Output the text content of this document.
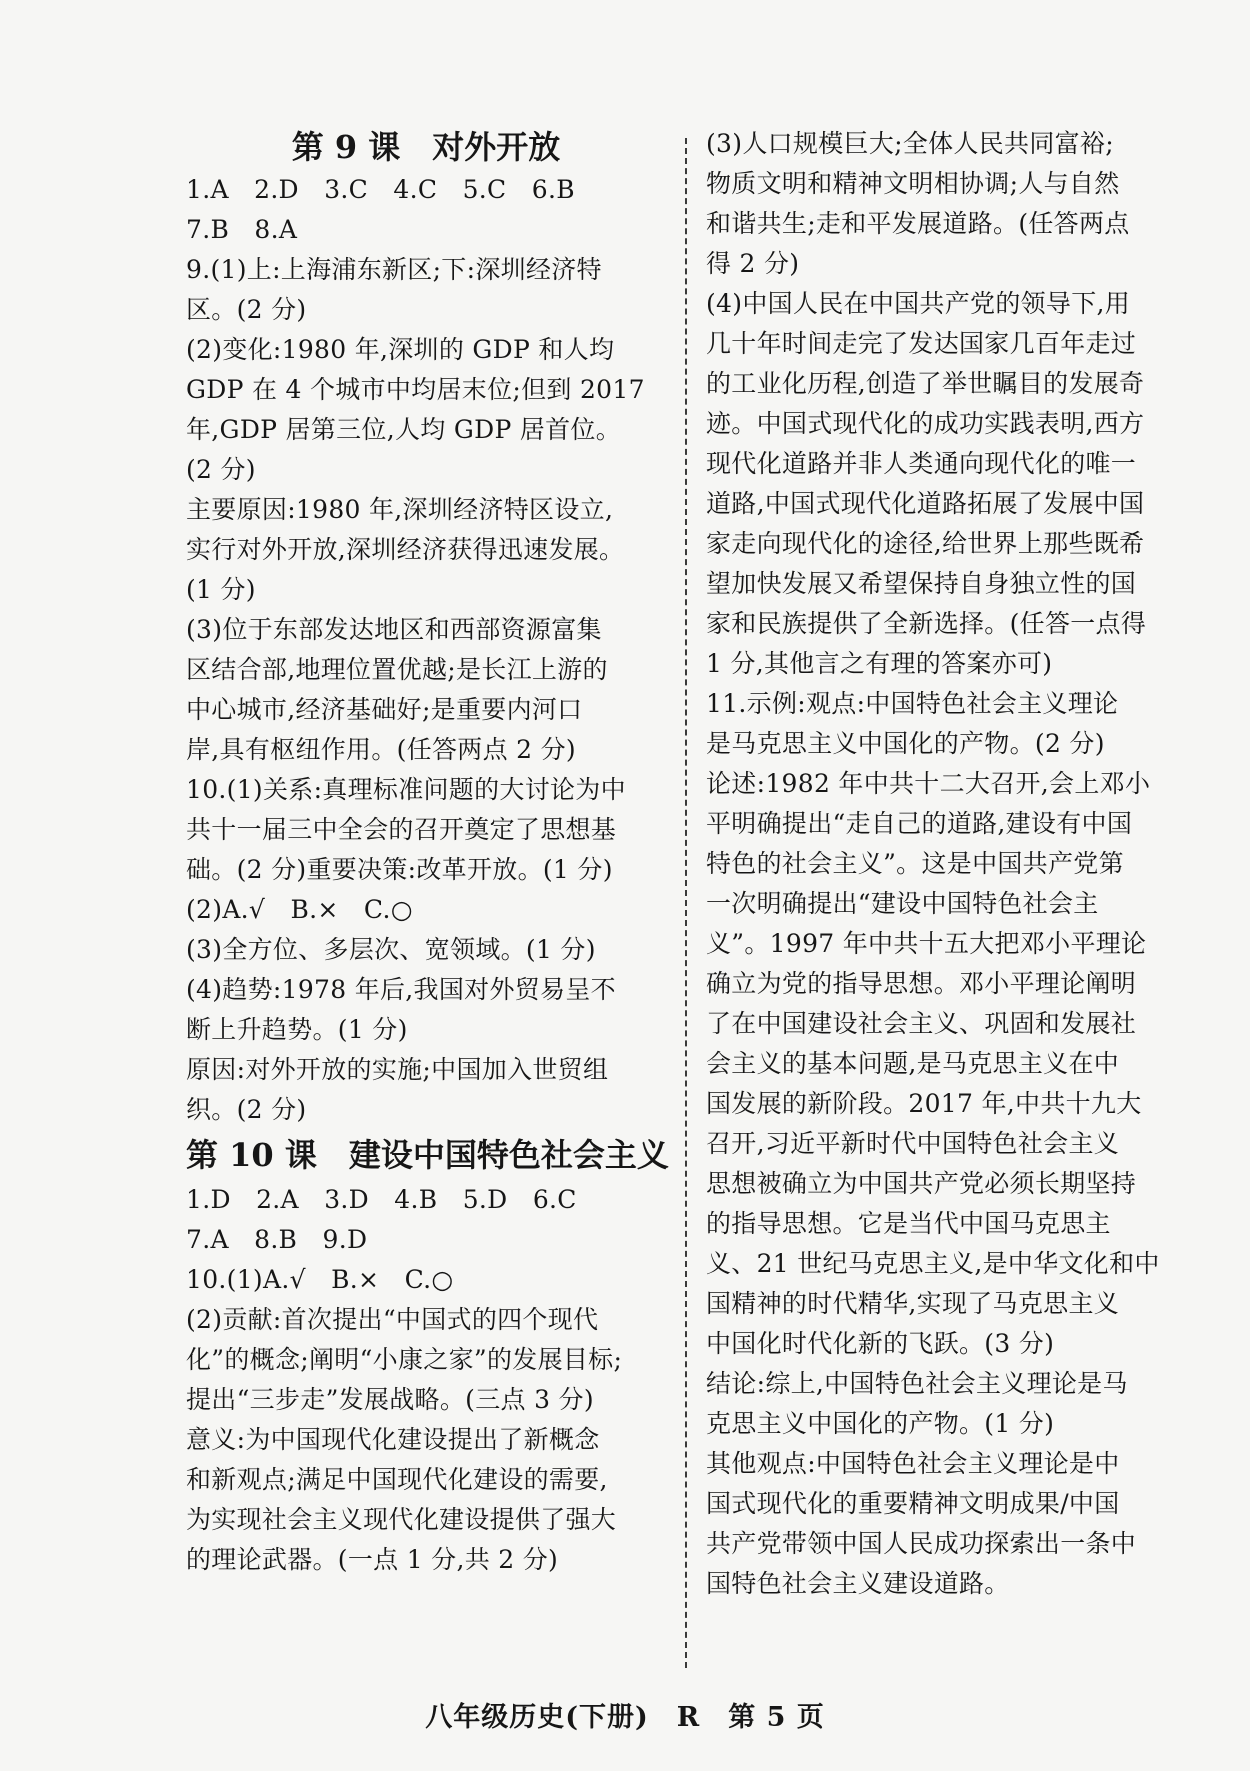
第 9 课　对外开放
1.A　2.D　3.C　4.C　5.C　6.B
7.B　8.A
9.(1)上:上海浦东新区;下:深圳经济特
区。(2 分)
(2)变化:1980 年,深圳的 GDP 和人均
GDP 在 4 个城市中均居末位;但到 2017
年,GDP 居第三位,人均 GDP 居首位。
(2 分)
主要原因:1980 年,深圳经济特区设立,
实行对外开放,深圳经济获得迅速发展。
(1 分)
(3)位于东部发达地区和西部资源富集
区结合部,地理位置优越;是长江上游的
中心城市,经济基础好;是重要内河口
岸,具有枢纽作用。(任答两点 2 分)
10.(1)关系:真理标准问题的大讨论为中
共十一届三中全会的召开奠定了思想基
础。(2 分)重要决策:改革开放。(1 分)
(2)A.√　B.×　C.○
(3)全方位、多层次、宽领域。(1 分)
(4)趋势:1978 年后,我国对外贸易呈不
断上升趋势。(1 分)
原因:对外开放的实施;中国加入世贸组
织。(2 分)
第 10 课　建设中国特色社会主义
1.D　2.A　3.D　4.B　5.D　6.C
7.A　8.B　9.D
10.(1)A.√　B.×　C.○
(2)贡献:首次提出“中国式的四个现代
化”的概念;阐明“小康之家”的发展目标;
提出“三步走”发展战略。(三点 3 分)
意义:为中国现代化建设提出了新概念
和新观点;满足中国现代化建设的需要,
为实现社会主义现代化建设提供了强大
的理论武器。(一点 1 分,共 2 分)
(3)人口规模巨大;全体人民共同富裕;
物质文明和精神文明相协调;人与自然
和谐共生;走和平发展道路。(任答两点
得 2 分)
(4)中国人民在中国共产党的领导下,用
几十年时间走完了发达国家几百年走过
的工业化历程,创造了举世瞩目的发展奇
迹。中国式现代化的成功实践表明,西方
现代化道路并非人类通向现代化的唯一
道路,中国式现代化道路拓展了发展中国
家走向现代化的途径,给世界上那些既希
望加快发展又希望保持自身独立性的国
家和民族提供了全新选择。(任答一点得
1 分,其他言之有理的答案亦可)
11.示例:观点:中国特色社会主义理论
是马克思主义中国化的产物。(2 分)
论述:1982 年中共十二大召开,会上邓小
平明确提出“走自己的道路,建设有中国
特色的社会主义”。这是中国共产党第
一次明确提出“建设中国特色社会主
义”。1997 年中共十五大把邓小平理论
确立为党的指导思想。邓小平理论阐明
了在中国建设社会主义、巩固和发展社
会主义的基本问题,是马克思主义在中
国发展的新阶段。2017 年,中共十九大
召开,习近平新时代中国特色社会主义
思想被确立为中国共产党必须长期坚持
的指导思想。它是当代中国马克思主
义、21 世纪马克思主义,是中华文化和中
国精神的时代精华,实现了马克思主义
中国化时代化新的飞跃。(3 分)
结论:综上,中国特色社会主义理论是马
克思主义中国化的产物。(1 分)
其他观点:中国特色社会主义理论是中
国式现代化的重要精神文明成果/中国
共产党带领中国人民成功探索出一条中
国特色社会主义建设道路。
八年级历史(下册)　R　第 5 页
